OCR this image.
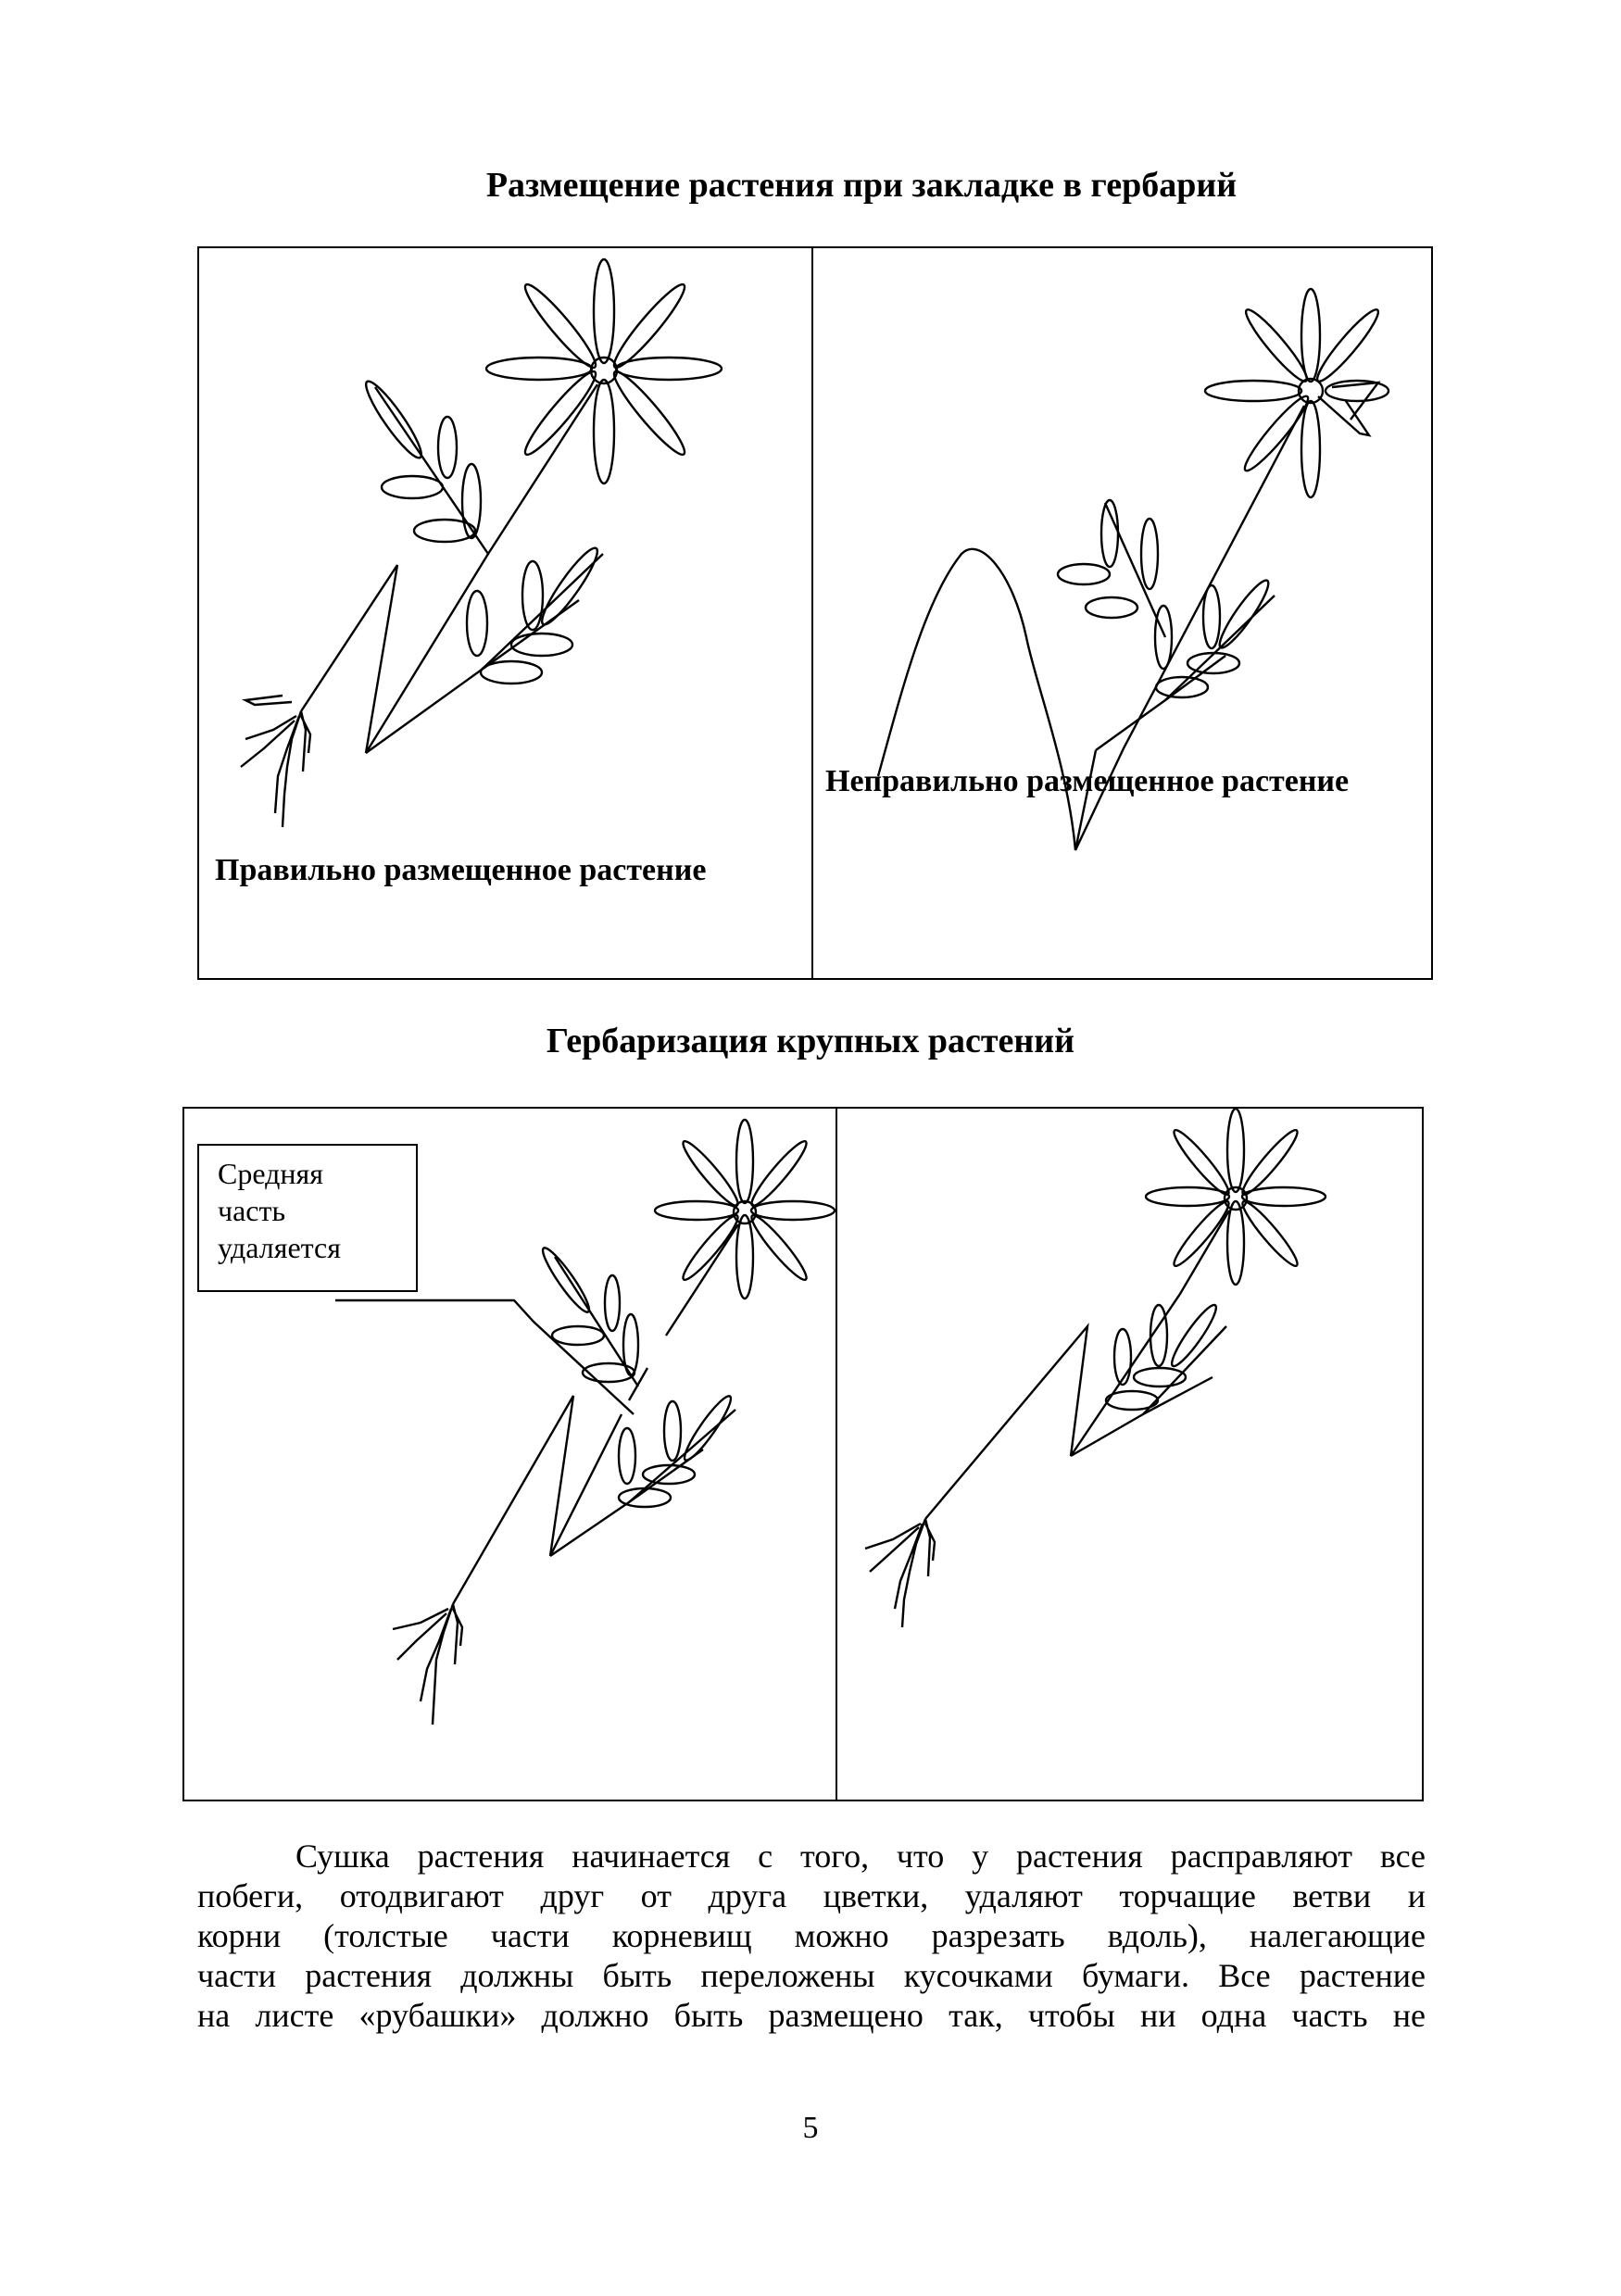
Размещение растения при закладке в гербарий
Правильно размещенное растение
Неправильно размещенное растение
Гербаризация крупных растений
Средняя
часть
удаляется
Сушка растения начинается с того, что у растения расправляют все
побеги, отодвигают друг от друга цветки, удаляют торчащие ветви и
корни (толстые части корневищ можно разрезать вдоль), налегающие
части растения должны быть переложены кусочками бумаги. Все растение
на листе «рубашки» должно быть размещено так, чтобы ни одна часть не
5
